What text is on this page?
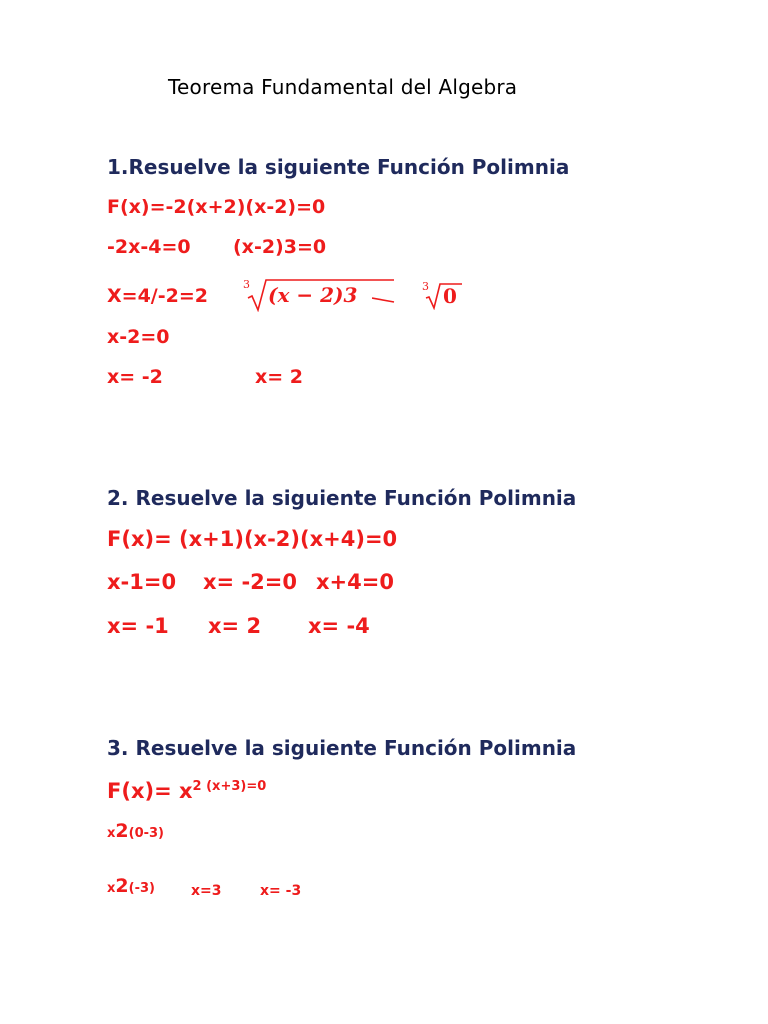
Teorema Fundamental del Algebra

1.Resuelve la siguiente Función Polimnia

F(x)=-2(x+2)(x-2)=0

-2x-4=0 (x-2)3=0

X=4/-2=2

3 (x − 2)3	3 0

x-2=0

x= -2	x= 2

2. Resuelve la siguiente Función Polimnia

F(x)= (x+1)(x-2)(x+4)=0

x-1=0 x= -2=0 x+4=0

x= -1 x= 2 x= -4

3. Resuelve la siguiente Función Polimnia

$F(x)= x^{2 (x+3)=0}$

x2(0-3)

x2(-3)	x=3	x= -3
